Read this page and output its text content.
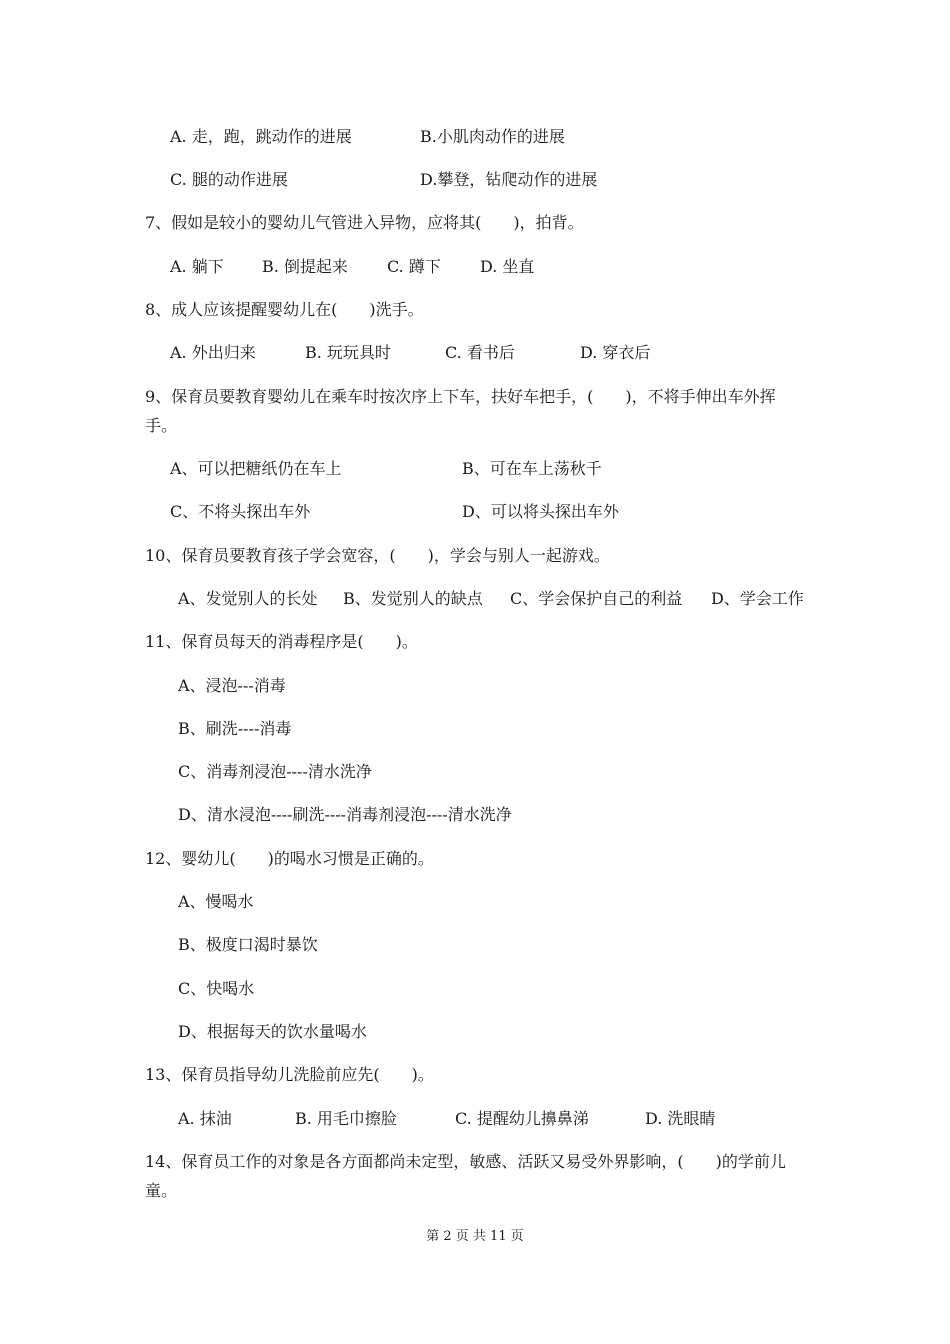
A. 走，跑，跳动作的进展	B.小肌肉动作的进展
C. 腿的动作进展	D.攀登，钻爬动作的进展
7、假如是较小的婴幼儿气管进入异物，应将其(　　)，拍背。
A. 躺下 B. 倒提起来 C. 蹲下 D. 坐直
8、成人应该提醒婴幼儿在(　　)洗手。
A. 外出归来	B. 玩玩具时	C. 看书后	D. 穿衣后
9、保育员要教育婴幼儿在乘车时按次序上下车，扶好车把手，(　　)，不将手伸出车外挥
手。
A、可以把糖纸仍在车上	B、可在车上荡秋千
C、不将头探出车外	D、可以将头探出车外
10、保育员要教育孩子学会宽容，(　　)，学会与别人一起游戏。
A、发觉别人的长处 B、发觉别人的缺点 C、学会保护自己的利益 D、学会工作
11、保育员每天的消毒程序是(　　)。
A、浸泡---消毒
B、刷洗----消毒
C、消毒剂浸泡----清水洗净
D、清水浸泡----刷洗----消毒剂浸泡----清水洗净
12、婴幼儿(　　)的喝水习惯是正确的。
A、慢喝水
B、极度口渴时暴饮
C、快喝水
D、根据每天的饮水量喝水
13、保育员指导幼儿洗脸前应先(　　)。
A. 抹油	B. 用毛巾擦脸	C. 提醒幼儿擤鼻涕	D. 洗眼睛
14、保育员工作的对象是各方面都尚未定型，敏感、活跃又易受外界影响，(　　)的学前儿
童。
第 2 页 共 11 页
